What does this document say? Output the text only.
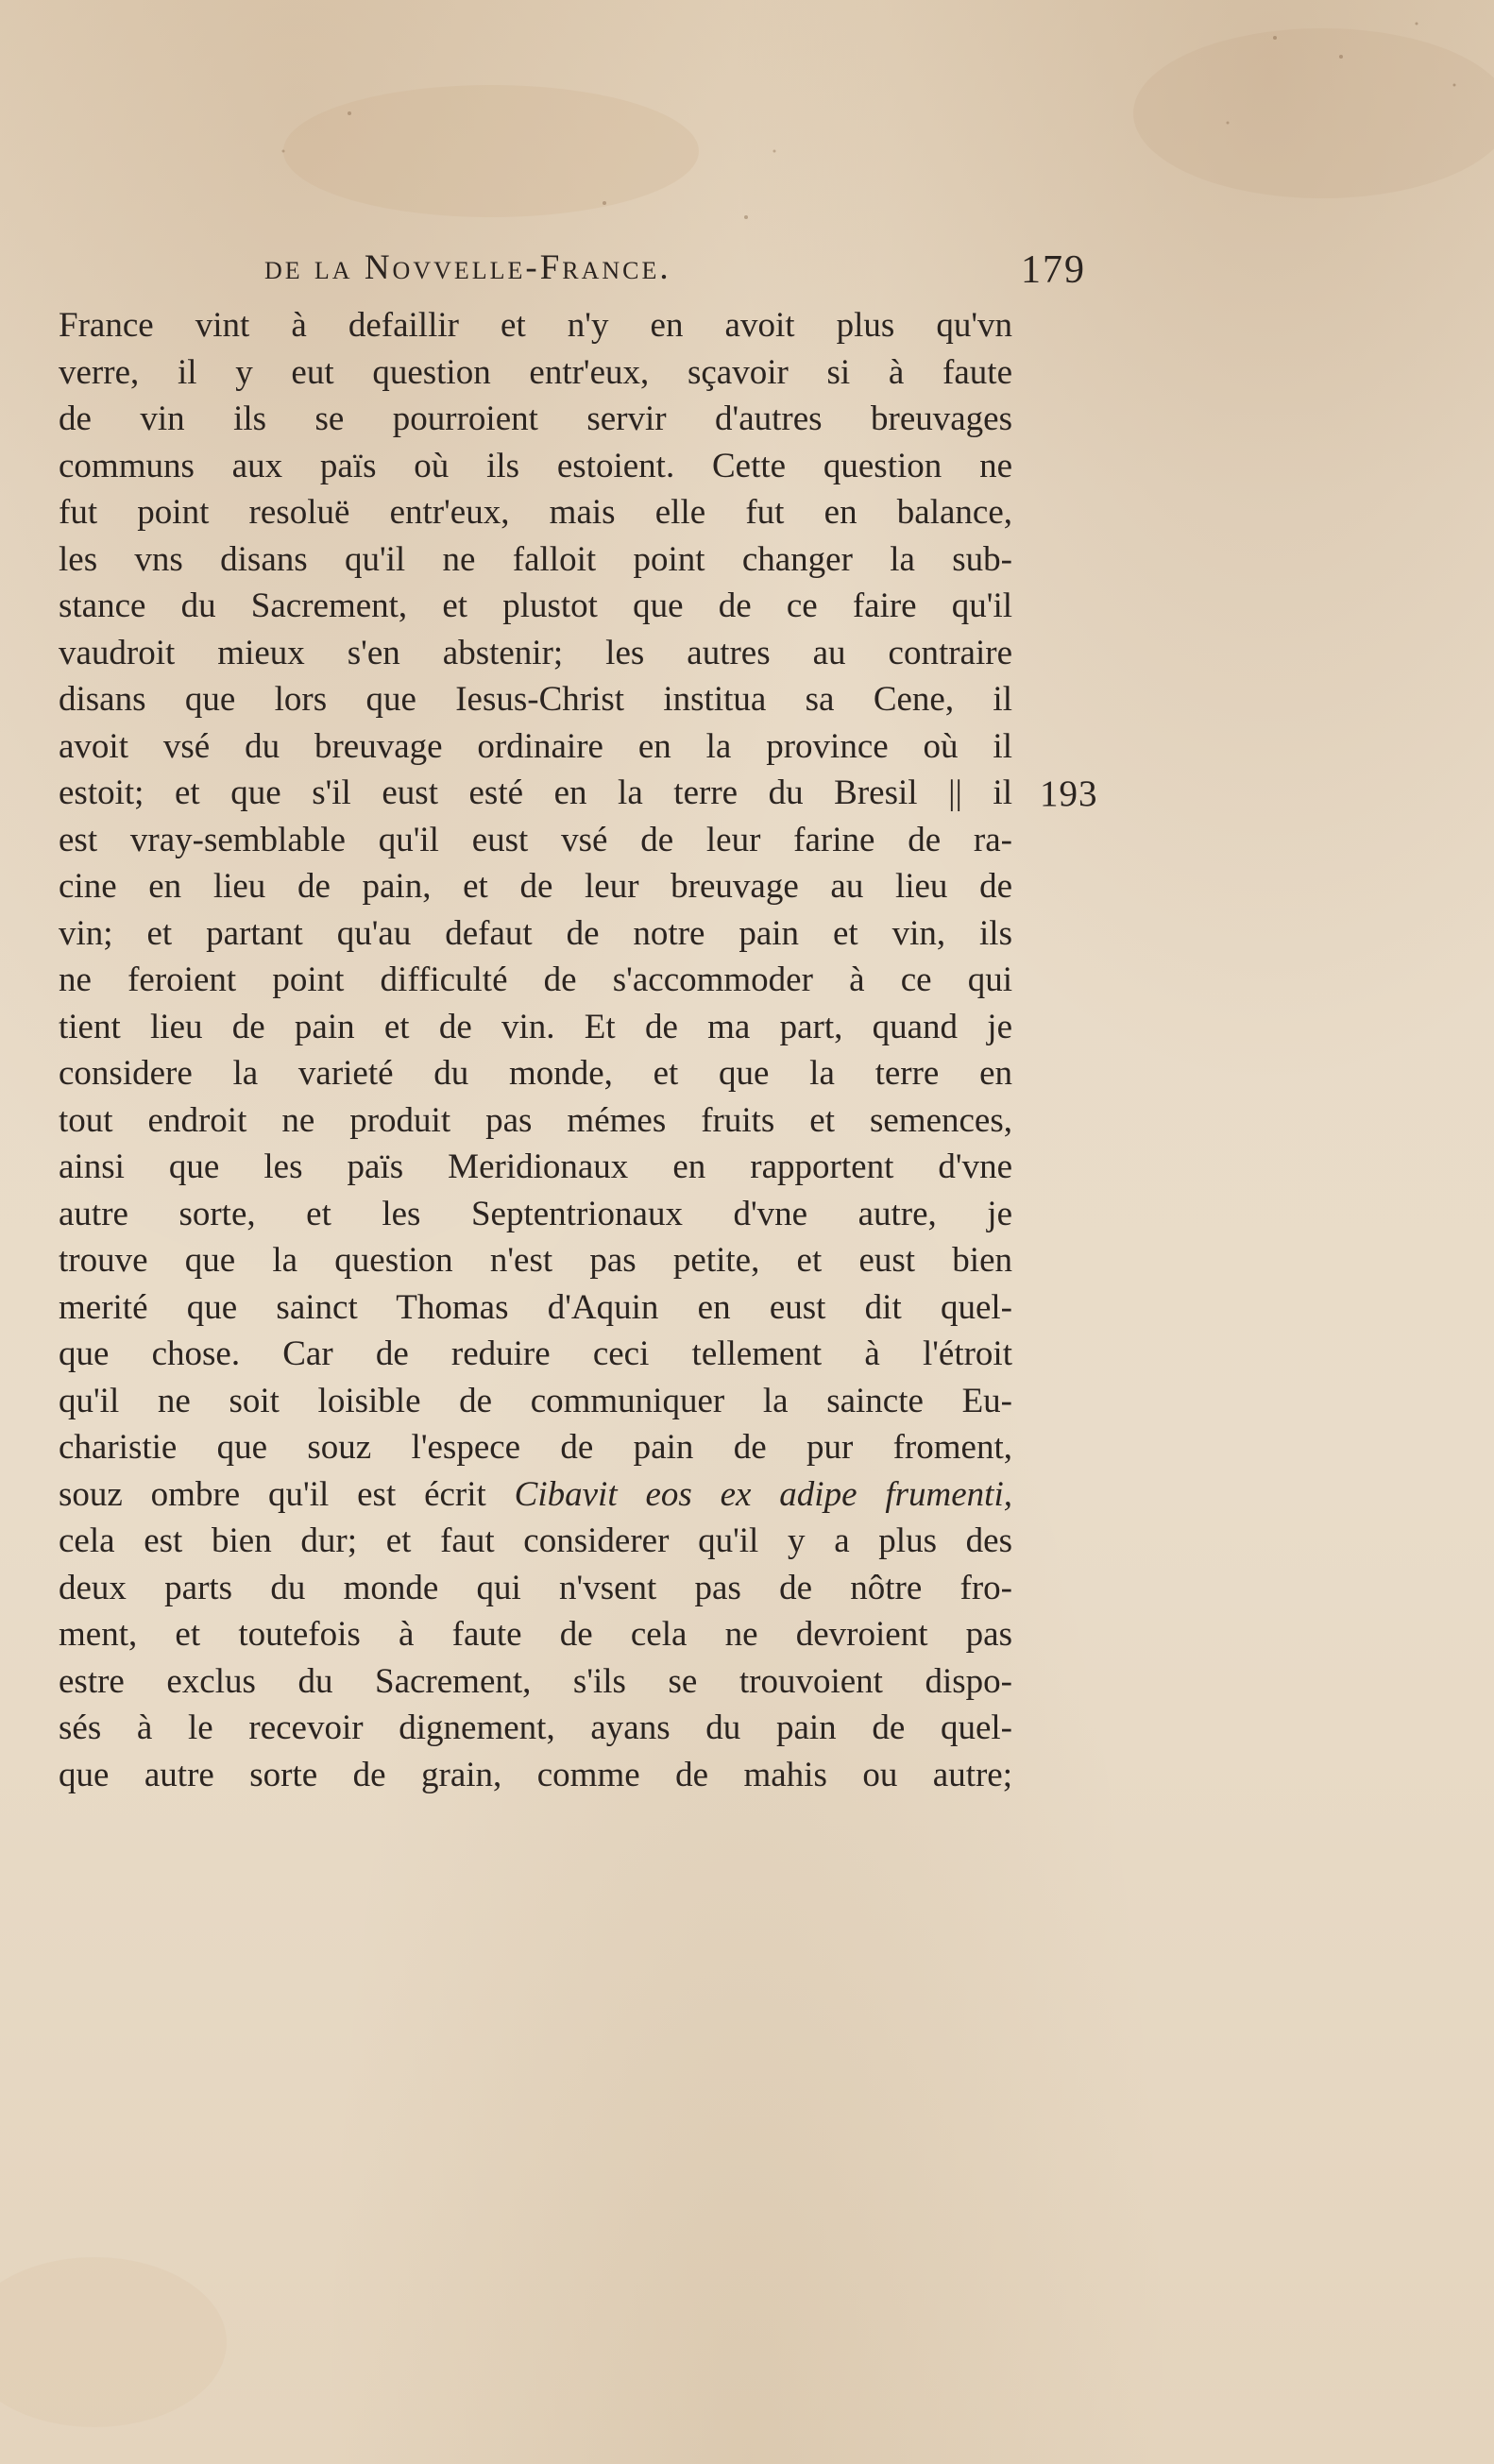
de la Novvelle-France.	179
193
France vint à defaillir et n'y en avoit plus qu'vn
verre, il y eut question entr'eux, sçavoir si à faute
de vin ils se pourroient servir d'autres breuvages
communs aux païs où ils estoient. Cette question ne
fut point resoluë entr'eux, mais elle fut en balance,
les vns disans qu'il ne falloit point changer la sub-
stance du Sacrement, et plustot que de ce faire qu'il
vaudroit mieux s'en abstenir; les autres au contraire
disans que lors que Iesus-Christ institua sa Cene, il
avoit vsé du breuvage ordinaire en la province où il
estoit; et que s'il eust esté en la terre du Bresil || il
est vray-semblable qu'il eust vsé de leur farine de ra-
cine en lieu de pain, et de leur breuvage au lieu de
vin; et partant qu'au defaut de notre pain et vin, ils
ne feroient point difficulté de s'accommoder à ce qui
tient lieu de pain et de vin. Et de ma part, quand je
considere la varieté du monde, et que la terre en
tout endroit ne produit pas mémes fruits et semences,
ainsi que les païs Meridionaux en rapportent d'vne
autre sorte, et les Septentrionaux d'vne autre, je
trouve que la question n'est pas petite, et eust bien
merité que sainct Thomas d'Aquin en eust dit quel-
que chose. Car de reduire ceci tellement à l'étroit
qu'il ne soit loisible de communiquer la saincte Eu-
charistie que souz l'espece de pain de pur froment,
souz ombre qu'il est écrit Cibavit eos ex adipe frumenti,
cela est bien dur; et faut considerer qu'il y a plus des
deux parts du monde qui n'vsent pas de nôtre fro-
ment, et toutefois à faute de cela ne devroient pas
estre exclus du Sacrement, s'ils se trouvoient dispo-
sés à le recevoir dignement, ayans du pain de quel-
que autre sorte de grain, comme de mahis ou autre;
